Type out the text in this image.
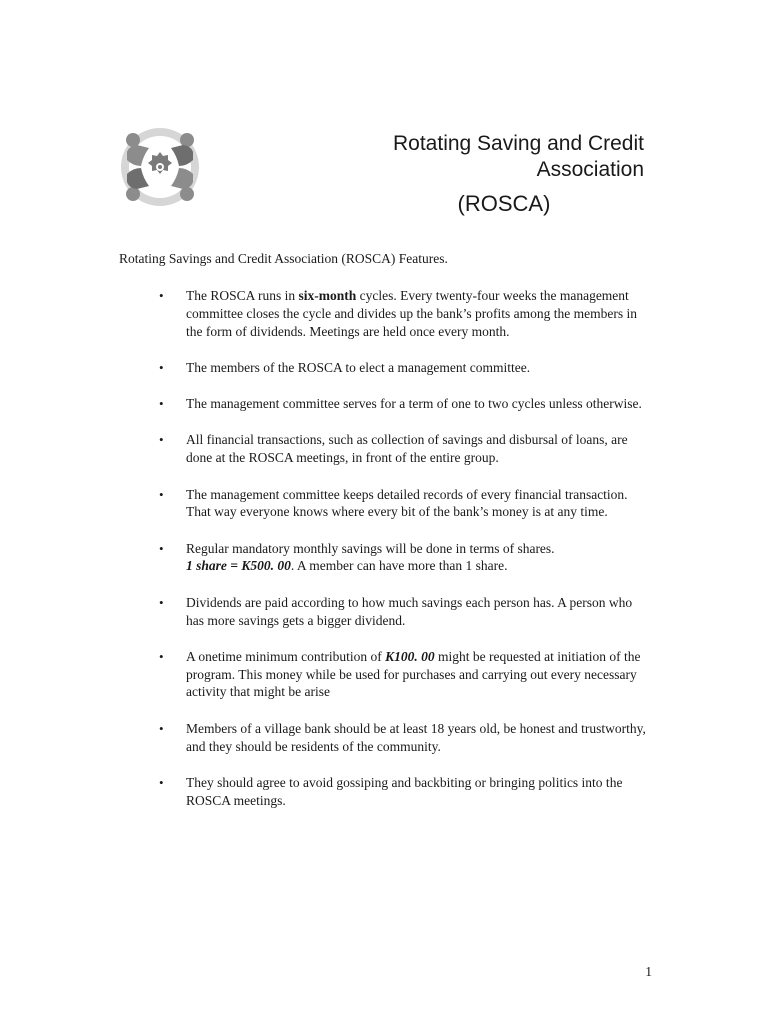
Rotating Saving and Credit

Association
(ROSCA)
Rotating Savings and Credit Association (ROSCA) Features.
• The ROSCA runs in six-month cycles. Every twenty-four weeks the management committee closes the cycle and divides up the bank’s profits among the members in the form of dividends. Meetings are held once every month.
• The members of the ROSCA to elect a management committee.
• The management committee serves for a term of one to two cycles unless otherwise.
• All financial transactions, such as collection of savings and disbursal of loans, are done at the ROSCA meetings, in front of the entire group.
• The management committee keeps detailed records of every financial transaction. That way everyone knows where every bit of the bank’s money is at any time.
• Regular mandatory monthly savings will be done in terms of shares.
1 share = K500. 00. A member can have more than 1 share.
• Dividends are paid according to how much savings each person has. A person who has more savings gets a bigger dividend.
• A onetime minimum contribution of K100. 00 might be requested at initiation of the program. This money while be used for purchases and carrying out every necessary activity that might be arise
• Members of a village bank should be at least 18 years old, be honest and trustworthy, and they should be residents of the community.
• They should agree to avoid gossiping and backbiting or bringing politics into the ROSCA meetings.
1
